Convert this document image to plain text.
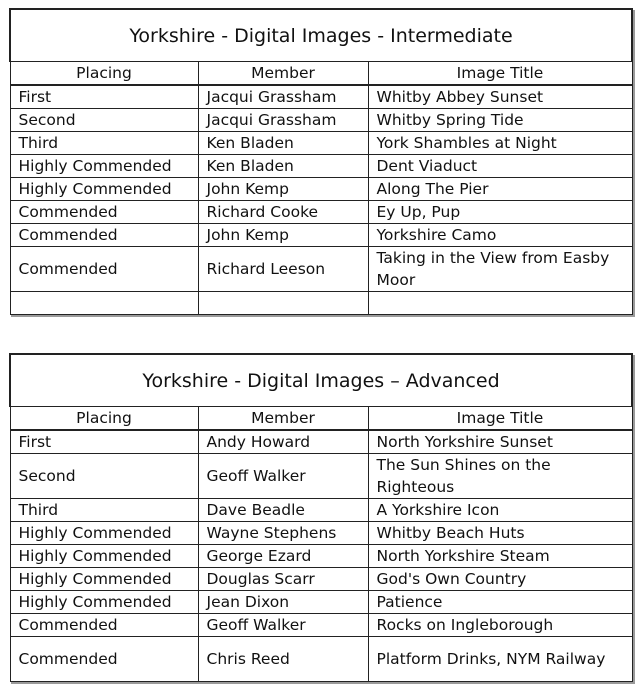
Yorkshire - Digital Images - Intermediate		
Placing	Member	Image Title
First	Jacqui Grassham	Whitby Abbey Sunset
Second	Jacqui Grassham	Whitby Spring Tide
Third	Ken Bladen	York Shambles at Night
Highly Commended	Ken Bladen	Dent Viaduct
Highly Commended	John Kemp	Along The Pier
Commended	Richard Cooke	Ey Up, Pup
Commended	John Kemp	Yorkshire Camo
Commended	Richard Leeson	Taking in the View from Easby Moor

Yorkshire - Digital Images – Advanced		
Placing	Member	Image Title
First	Andy Howard	North Yorkshire Sunset
Second	Geoff Walker	The Sun Shines on the Righteous
Third	Dave Beadle	A Yorkshire Icon
Highly Commended	Wayne Stephens	Whitby Beach Huts
Highly Commended	George Ezard	North Yorkshire Steam
Highly Commended	Douglas Scarr	God's Own Country
Highly Commended	Jean Dixon	Patience
Commended	Geoff Walker	Rocks on Ingleborough
Commended	Chris Reed	Platform Drinks, NYM Railway
